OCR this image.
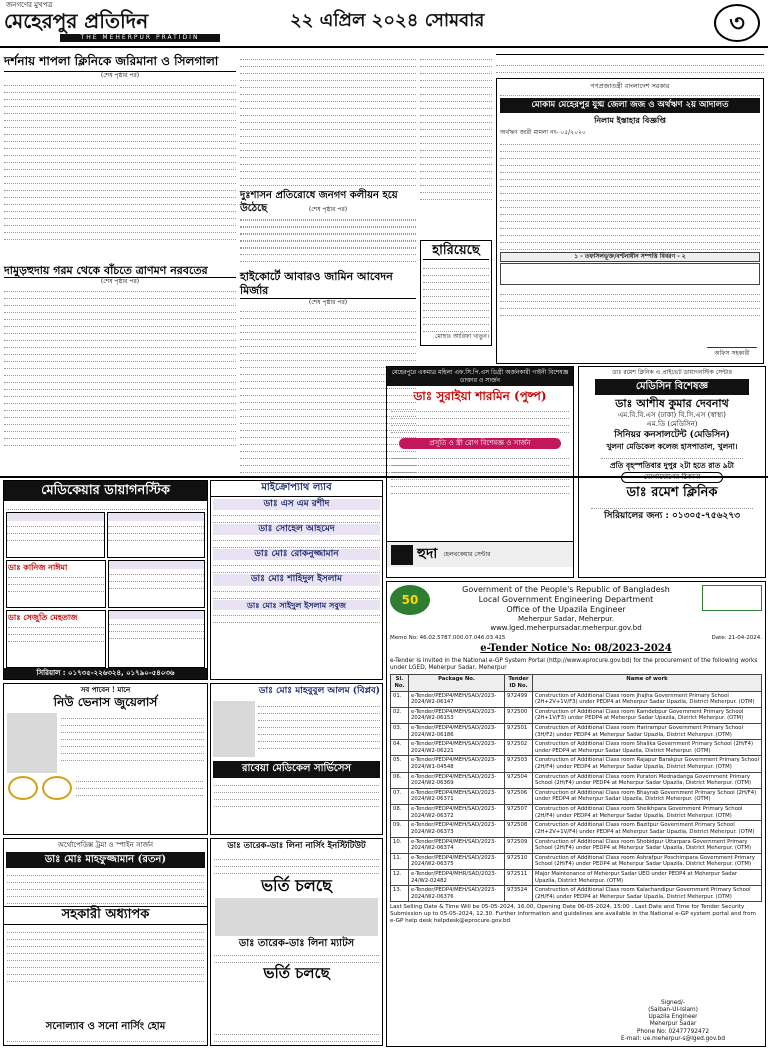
জনগণের মুখপত্র
মেহেরপুর প্রতিদিন
THE MEHERPUR PRATIDIN
২২ এপ্রিল ২০২৪ সোমবার	৩
দর্শনায় শাপলা ক্লিনিকে জরিমানা ও সিলগালা
(শেষ পৃষ্ঠার পর)
দামুড়হুদায় গরম থেকে বাঁচতে ত্রাণমণ নরবতের
(শেষ পৃষ্ঠার পর)
দুঃশাসন প্রতিরোধে জনগণ কলীয়ন হয়ে উঠেছে	(শেষ পৃষ্ঠার পর)
হাইকোর্টে আবারও জামিন আবেদন মির্জার
(শেষ পৃষ্ঠার পর)
হারিয়েছে
মোছাঃ আরিফা খাতুন।
গণপ্রজাতন্ত্রী বাংলাদেশ সরকার
মোকাম মেহেরপুর যুগ্ম জেলা জজ ও অর্থঋণ ২য় আদালত
নিলাম ইস্তাহার বিজ্ঞপ্তি
অর্থঋণ জারী মামলা নং- ০৫/২০২০
১ - তফসিলভূক্ত/বণ্টনাধীন সম্পত্তি বিবরণ - ২
অফিস সহকারী
মেডিকেয়ার ডায়াগনস্টিক
ডাঃ কানিজ নাঈমা
ডাঃ সেজুতি মেহতাজ
সিরিয়াল : ০১৭৩৫-২২৬৩২৪, ০১৭৯০-৫৪০৩৬
মাইক্রোপ্যাথ ল্যাব
ডাঃ এস এম রশীদ
ডাঃ সোহেল আহমেদ
ডাঃ মোঃ রোকনুজ্জামান
ডাঃ মোঃ শাহিদুল ইসলাম
ডাঃ মোঃ সাইদুল ইসলাম সবুজ
মেহেরপুরে একমাত্র মহিলা এফ.সি.পি.এস ডিগ্রী অর্জনকারী গাইনী বিশেষজ্ঞ ডাক্তার ও সার্জন
ডাঃ সুরাইয়া শারমিন (পুষ্প)
প্রসূতি ও স্ত্রী রোগ বিশেষজ্ঞ ও সার্জন
হুদা হেলথকেয়ার সেন্টার
ডাঃ রমেশ ক্লিনিক এ প্রাইভেট ডায়াগনস্টিক সেন্টার
মেডিসিন বিশেষজ্ঞ
ডাঃ আশীষ কুমার দেবনাথ
এম.বি.বি.এস (ঢাকা) বি.সি.এস (স্বাস্থ্য)
এম.ডি (মেডিসিন)
সিনিয়র কনসালটেন্ট (মেডিসিন)
খুলনা মেডিকেল কলেজ হাসপাতাল, খুলনা।
প্রতি বৃহস্পতিবার দুপুর ২টা হতে রাত ৯টা
যোগাযোগের ঠিকানা
ডাঃ রমেশ ক্লিনিক
সিরিয়ালের জন্য : ০১৩০৫-৭৫৬২৭৩
সব পাবেন ! মানে
নিউ ভেনাস জুয়েলার্স
ডাঃ মোঃ মাহবুবুল আলম (বিপ্লব)
রাবেয়া মেডিকেল সার্ভিসেস
অর্থোপেডিক্স ট্রমা ও স্পাইন সার্জন
ডাঃ মোঃ মাহফুজ্জামান (রতন)
সহকারী অধ্যাপক
সনোল্যাব ও সনো নার্সিং হোম
ডাঃ তারেক-ডাঃ লিনা নার্সিং ইনস্টিটিউট
ভর্তি চলছে
ডাঃ তারেক-ডাঃ লিনা ম্যাটস
ভর্তি চলছে
50
Government of the People's Republic of Bangladesh
Local Government Engineering Department
Office of the Upazila Engineer
Meherpur Sadar, Meherpur.
www.lged.meherpursadar.meherpur.gov.bd
Memo No: 46.02.5787.000.07.046.03.415	Date: 21-04-2024.
e-Tender Notice No: 08/2023-2024
e-Tender is invited in the National e-GP System Portal (http://www.eprocure.gov.bd) for the procurement of the following works under LGED, Meherpur Sadar, Meherpur
Sl. No.	Package No.	Tender ID No.	Name of work
01.	e-Tender/PEDP4/MEH/SAD/2023-2024/W2-06147	972499	Construction of Additional Class room Jhajha Government Primary School (2H+2V+1V/F3) under PEDP4 at Meherpur Sadar Upazila, District Meherpur. (OTM)
02.	e-Tender/PEDP4/MEH/SAD/2023-2024/W2-06153	972500	Construction of Additional Class room Kamdebpur Government Primary School (2H+1V/F3) under PEDP4 at Meherpur Sadar Upazila, District Meherpur. (OTM)
03.	e-Tender/PEDP4/MEH/SAD/2023-2024/W2-06186	972501	Construction of Additional Class room Harirampur Government Primary School (3H/F2) under PEDP4 at Meherpur Sadar Upazila, District Meherpur. (OTM)
04.	e-Tender/PEDP4/MEH/SAD/2023-2024/W2-06221	972502	Construction of Additional Class room Shalika Government Primary School (2H/F4) under PEDP4 at Meherpur Sadar Upazila, District Meherpur. (OTM)
05.	e-Tender/PEDP4/MEH/SAD/2023-2024/W1-04548	972503	Construction of Additional Class room Rajapur Barakpur Government Primary School (2H/F4) under PEDP4 at Meherpur Sadar Upazila, District Meherpur. (OTM)
06.	e-Tender/PEDP4/MEH/SAD/2023-2024/W2-06369	972504	Construction of Additional Class room Puraton Mednadanga Government Primary School (2H/F4) under PEDP4 at Meherpur Sadar Upazila, District Meherpur. (OTM)
07.	e-Tender/PEDP4/MEH/SAD/2023-2024/W2-06371	972506	Construction of Additional Class room Bhayrab Government Primary School (2H/F4) under PEDP4 at Meherpur Sadar Upazila, District Meherpur. (OTM)
08.	e-Tender/PEDP4/MEH/SAD/2023-2024/W2-06372	972507	Construction of Additional Class room Sheikhpara Government Primary School (2H/F4) under PEDP4 at Meherpur Sadar Upazila, District Meherpur. (OTM)
09.	e-Tender/PEDP4/MEH/SAD/2023-2024/W2-06373	972508	Construction of Additional Class room Bazitpur Government Primary School (2H+2V+1V/F4) under PEDP4 at Meherpur Sadar Upazila, District Meherpur. (OTM)
10.	e-Tender/PEDP4/MEH/SAD/2023-2024/W2-06374	972509	Construction of Additional Class room Shobidpur Uttarpara Government Primary School (2H/F4) under PEDP4 at Meherpur Sadar Upazila, District Meherpur. (OTM)
11.	e-Tender/PEDP4/MEH/SAD/2023-2024/W2-06375	972510	Construction of Additional Class room Ashrafpur Poschimpara Government Primary School (2H/F4) under PEDP4 at Meherpur Sadar Upazila, District Meherpur. (OTM)
12.	e-Tender/PEDP4/MHR/SAD/2023-24/W2-02482	972511	Major Maintenance of Meherpur Sadar UEO under PEDP4 at Meherpur Sadar Upazila, District Meherpur. (OTM)
13.	e-Tender/PEDP4/MEH/SAD/2023-2024/W2-06376	973524	Construction of Additional Class room Kalachandipur Government Primary School (2H/F4) under PEDP4 at Meherpur Sadar Upazila, District Meherpur. (OTM)
Last Selling Date & Time Will be 05-05-2024, 16.00, Opening Date 06-05-2024, 15:00 . Last Date and Time for Tender Security Submission up to 05-05-2024, 12.30. Further information and guidelines are available in the National e-GP system portal and from e-GP help desk helpdesk@eprocure.gov.bd
Signed/-
(Saiban-Ul-Islam)
Upazila Engineer
Meherpur Sadar
Phone No: 02477792472
E-mail: ue.meherpur-s@lged.gov.bd
